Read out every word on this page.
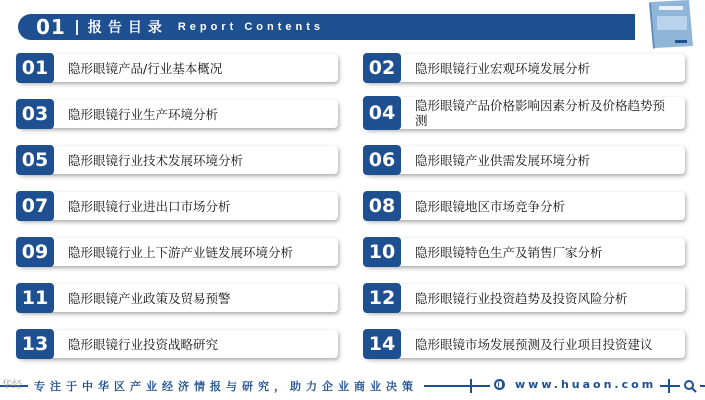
01 报告目录 Report Contents
01	隐形眼镜产品/行业基本概况	02	隐形眼镜行业宏观环境发展分析
03	隐形眼镜行业生产环境分析	04	隐形眼镜产品价格影响因素分析及价格趋势预测
05	隐形眼镜行业技术发展环境分析	06	隐形眼镜产业供需发展环境分析
07	隐形眼镜行业进出口市场分析	08	隐形眼镜地区市场竞争分析
09	隐形眼镜行业上下游产业链发展环境分析	10	隐形眼镜特色生产及销售厂家分析
11	隐形眼镜产业政策及贸易预警	12	隐形眼镜行业投资趋势及投资风险分析
13	隐形眼镜行业投资战略研究	14	隐形眼镜市场发展预测及行业项目投资建议
华经	专注于中华区产业经济情报与研究，助力企业商业决策	www.huaon.com
